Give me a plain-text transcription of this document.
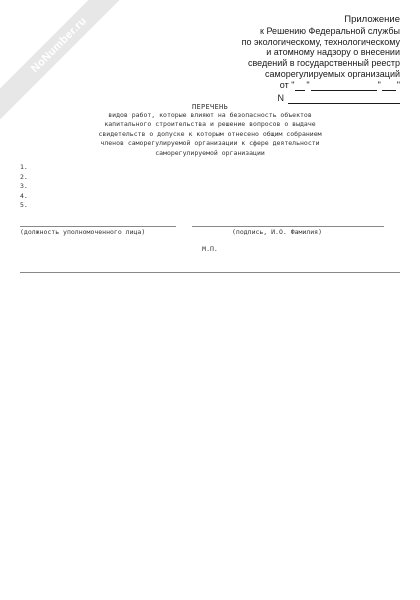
NoNumber.ru	Приложение
к Решению Федеральной службы
по экологическому, технологическому
и атомному надзору о внесении
сведений в государственный реестр
саморегулируемых организаций
от " "	" "
N
ПЕРЕЧЕНЬ
видов работ, которые влияют на безопасность объектов
капитального строительства и решение вопросов о выдаче
свидетельств о допуске к которым отнесено общим собранием
членов саморегулируемой организации к сфере деятельности
саморегулируемой организации
1.
2.
3.
4.
5.
(должность уполномоченного лица)	(подпись, И.О. Фамилия)
М.П.
